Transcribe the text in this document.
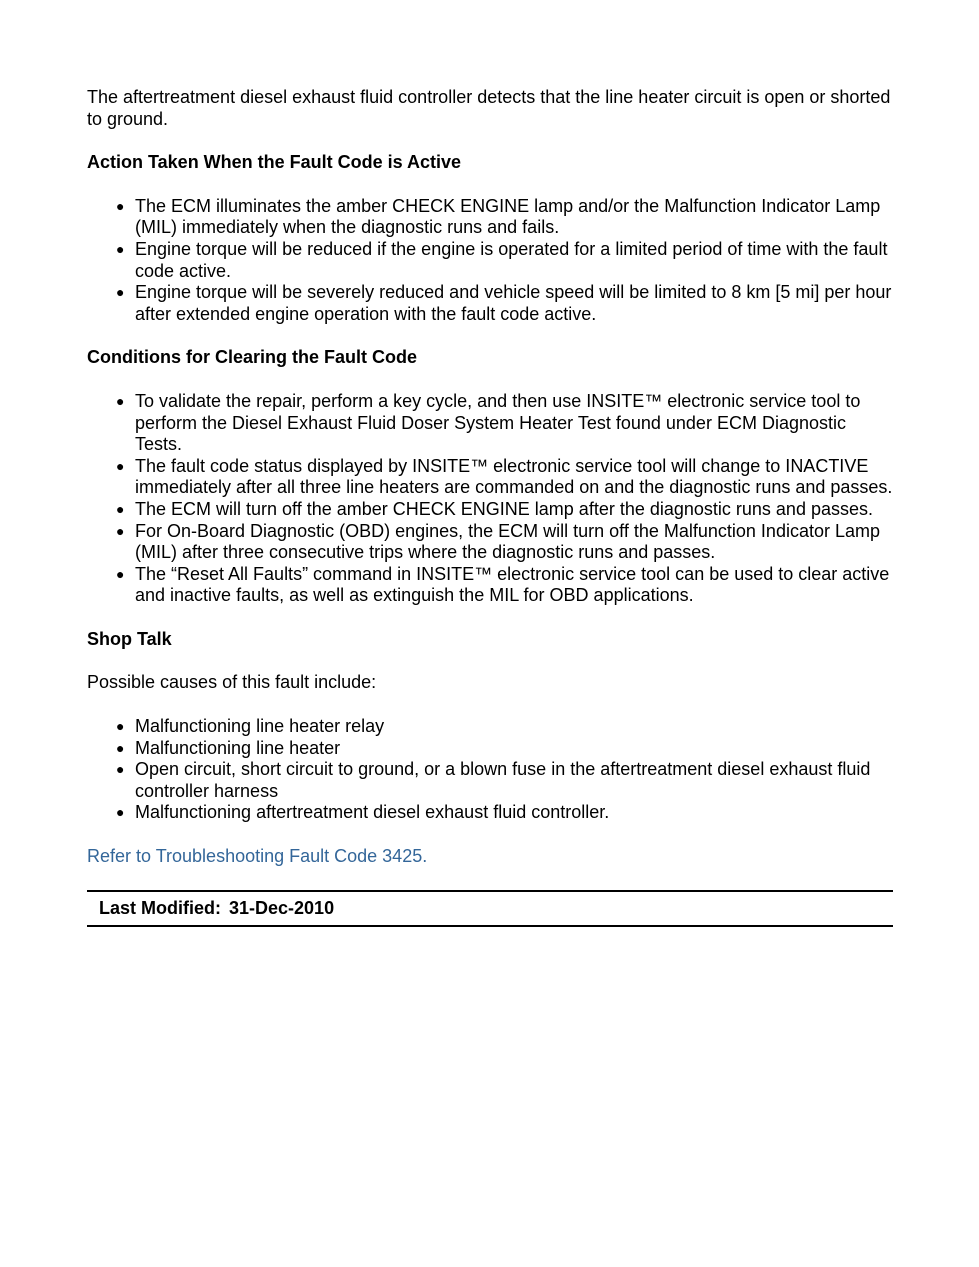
The aftertreatment diesel exhaust fluid controller detects that the line heater circuit is open or shorted to ground.

Action Taken When the Fault Code is Active
● The ECM illuminates the amber CHECK ENGINE lamp and/or the Malfunction Indicator Lamp (MIL) immediately when the diagnostic runs and fails.
● Engine torque will be reduced if the engine is operated for a limited period of time with the fault code active.
● Engine torque will be severely reduced and vehicle speed will be limited to 8 km [5 mi] per hour after extended engine operation with the fault code active.
Conditions for Clearing the Fault Code
● To validate the repair, perform a key cycle, and then use INSITE™ electronic service tool to perform the Diesel Exhaust Fluid Doser System Heater Test found under ECM Diagnostic Tests.
● The fault code status displayed by INSITE™ electronic service tool will change to INACTIVE immediately after all three line heaters are commanded on and the diagnostic runs and passes.
● The ECM will turn off the amber CHECK ENGINE lamp after the diagnostic runs and passes.
● For On-Board Diagnostic (OBD) engines, the ECM will turn off the Malfunction Indicator Lamp (MIL) after three consecutive trips where the diagnostic runs and passes.
● The “Reset All Faults” command in INSITE™ electronic service tool can be used to clear active and inactive faults, as well as extinguish the MIL for OBD applications.
Shop Talk

Possible causes of this fault include:

● Malfunctioning line heater relay
● Malfunctioning line heater
● Open circuit, short circuit to ground, or a blown fuse in the aftertreatment diesel exhaust fluid controller harness
● Malfunctioning aftertreatment diesel exhaust fluid controller.
Refer to Troubleshooting Fault Code 3425.
Last Modified: 31-Dec-2010
